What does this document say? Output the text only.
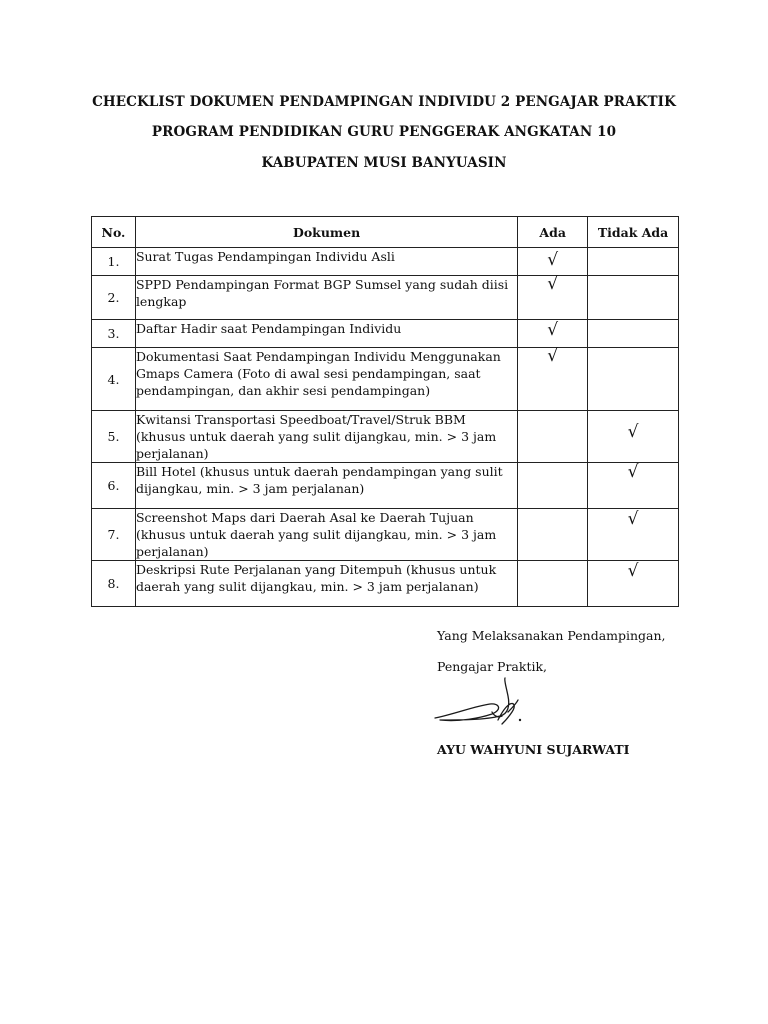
CHECKLIST DOKUMEN PENDAMPINGAN INDIVIDU 2 PENGAJAR PRAKTIK
PROGRAM PENDIDIKAN GURU PENGGERAK ANGKATAN 10
KABUPATEN MUSI BANYUASIN
No.	Dokumen	Ada	Tidak Ada
1.	Surat Tugas Pendampingan Individu Asli	√	

2.	SPPD Pendampingan Format BGP Sumsel yang sudah diisi lengkap	√	

3.	Daftar Hadir saat Pendampingan Individu	√	

4.	Dokumentasi Saat Pendampingan Individu Menggunakan Gmaps Camera (Foto di awal sesi pendampingan, saat pendampingan, dan akhir sesi pendampingan)	√	

5.	Kwitansi Transportasi Speedboat/Travel/Struk BBM (khusus untuk daerah yang sulit dijangkau, min. > 3 jam perjalanan)		√

6.	Bill Hotel (khusus untuk daerah pendampingan yang sulit dijangkau, min. > 3 jam perjalanan)		√

7.	Screenshot Maps dari Daerah Asal ke Daerah Tujuan (khusus untuk daerah yang sulit dijangkau, min. > 3 jam perjalanan)		√

8.	Deskripsi Rute Perjalanan yang Ditempuh (khusus untuk daerah yang sulit dijangkau, min. > 3 jam perjalanan)		√
Yang Melaksanakan Pendampingan,
Pengajar Praktik,
AYU WAHYUNI SUJARWATI
